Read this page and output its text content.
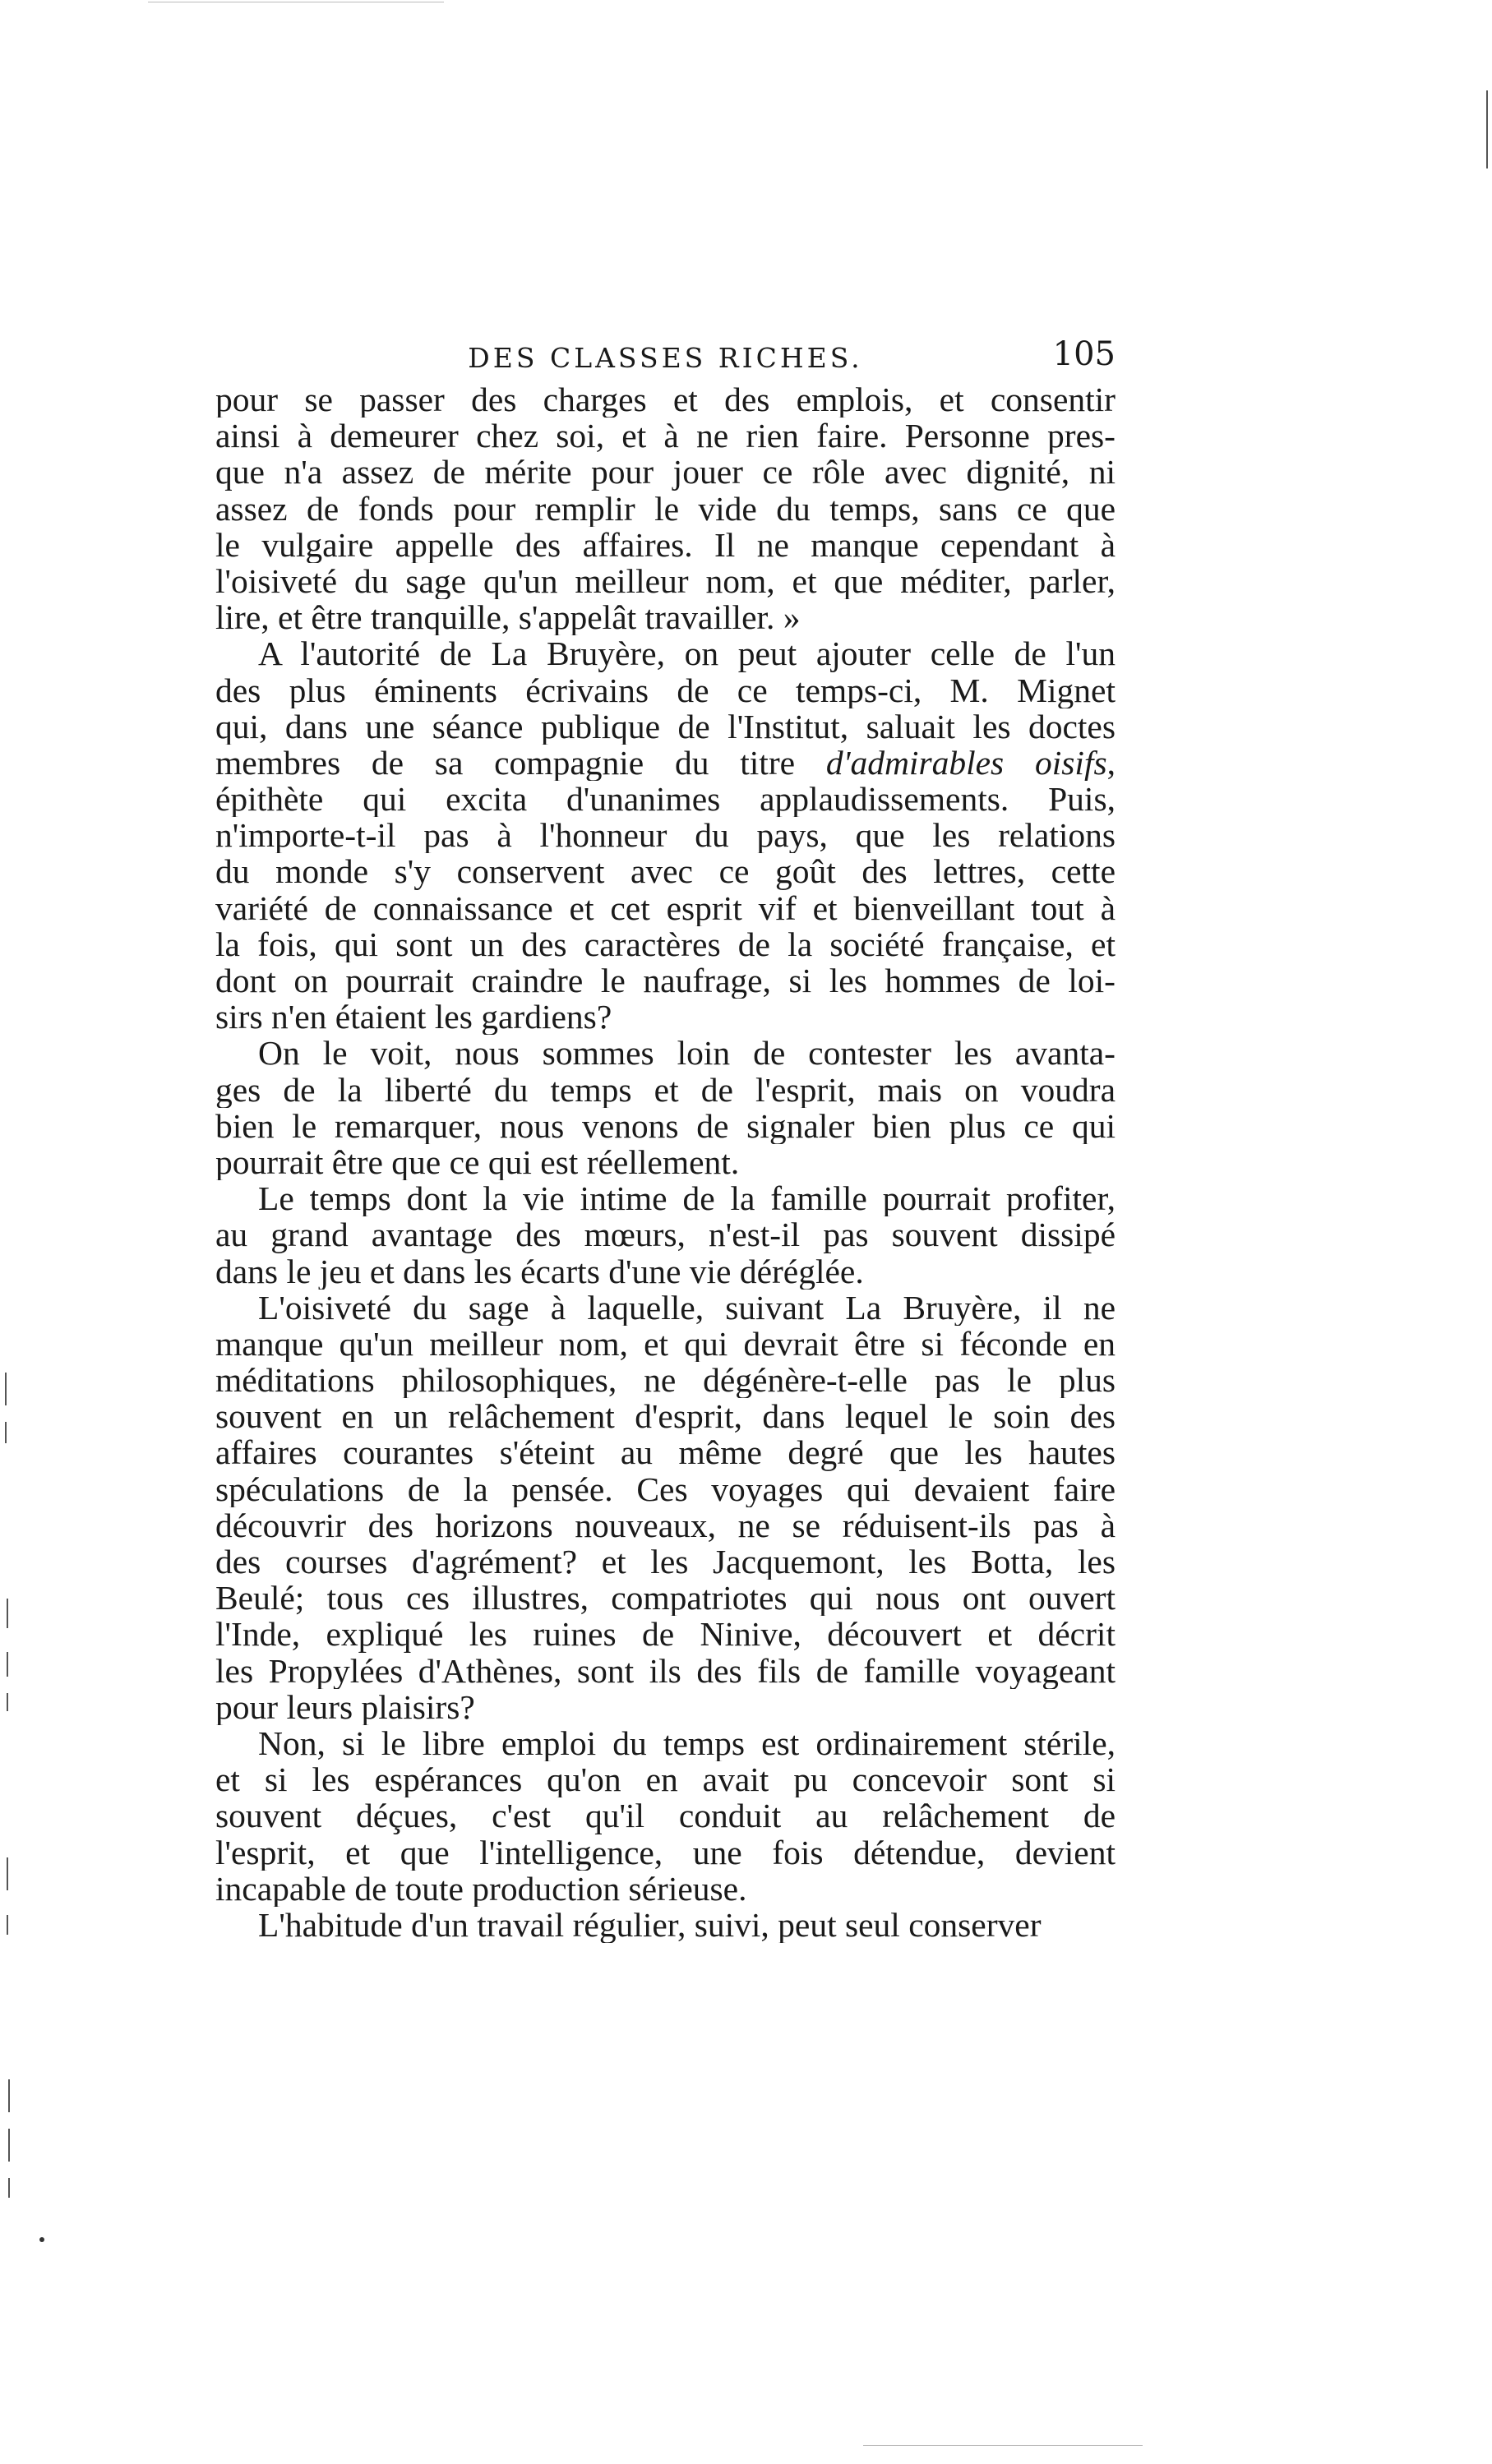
DES CLASSES RICHES.	105
pour se passer des charges et des emplois, et consentir
ainsi à demeurer chez soi, et à ne rien faire. Personne pres-
que n'a assez de mérite pour jouer ce rôle avec dignité, ni
assez de fonds pour remplir le vide du temps, sans ce que
le vulgaire appelle des affaires. Il ne manque cependant à
l'oisiveté du sage qu'un meilleur nom, et que méditer, parler,
lire, et être tranquille, s'appelât travailler. »
A l'autorité de La Bruyère, on peut ajouter celle de l'un
des plus éminents écrivains de ce temps-ci, M. Mignet
qui, dans une séance publique de l'Institut, saluait les doctes
membres de sa compagnie du titre d'admirables oisifs,
épithète qui excita d'unanimes applaudissements. Puis,
n'importe-t-il pas à l'honneur du pays, que les relations
du monde s'y conservent avec ce goût des lettres, cette
variété de connaissance et cet esprit vif et bienveillant tout à
la fois, qui sont un des caractères de la société française, et
dont on pourrait craindre le naufrage, si les hommes de loi-
sirs n'en étaient les gardiens?
On le voit, nous sommes loin de contester les avanta-
ges de la liberté du temps et de l'esprit, mais on voudra
bien le remarquer, nous venons de signaler bien plus ce qui
pourrait être que ce qui est réellement.
Le temps dont la vie intime de la famille pourrait profiter,
au grand avantage des mœurs, n'est-il pas souvent dissipé
dans le jeu et dans les écarts d'une vie déréglée.
L'oisiveté du sage à laquelle, suivant La Bruyère, il ne
manque qu'un meilleur nom, et qui devrait être si féconde en
méditations philosophiques, ne dégénère-t-elle pas le plus
souvent en un relâchement d'esprit, dans lequel le soin des
affaires courantes s'éteint au même degré que les hautes
spéculations de la pensée. Ces voyages qui devaient faire
découvrir des horizons nouveaux, ne se réduisent-ils pas à
des courses d'agrément? et les Jacquemont, les Botta, les
Beulé; tous ces illustres, compatriotes qui nous ont ouvert
l'Inde, expliqué les ruines de Ninive, découvert et décrit
les Propylées d'Athènes, sont ils des fils de famille voyageant
pour leurs plaisirs?
Non, si le libre emploi du temps est ordinairement stérile,
et si les espérances qu'on en avait pu concevoir sont si
souvent déçues, c'est qu'il conduit au relâchement de
l'esprit, et que l'intelligence, une fois détendue, devient
incapable de toute production sérieuse.
L'habitude d'un travail régulier, suivi, peut seul conserver
